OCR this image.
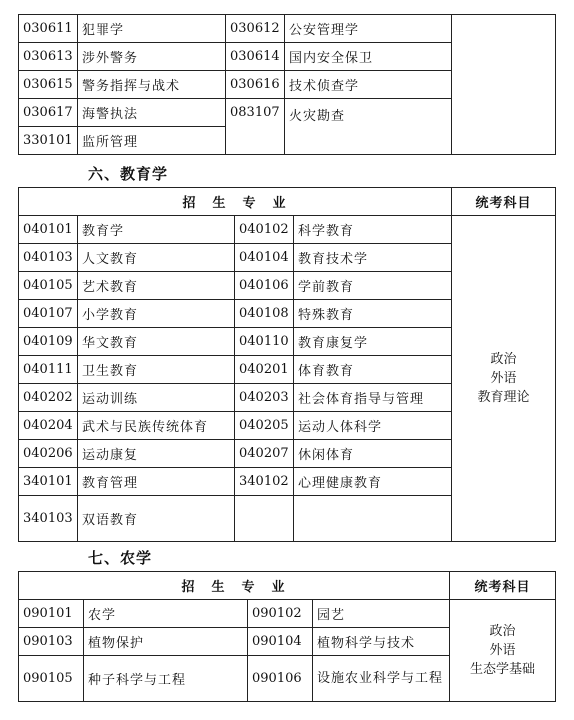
030611	犯罪学	030612	公安管理学	
030613	涉外警务	030614	国内安全保卫	
030615	警务指挥与战术	030616	技术侦查学	
030617	海警执法	083107	火灾勘查	
330101	监所管理			
六、教育学
招　生　专　业				统考科目
040101	教育学	040102	科学教育	政治
外语
教育理论

040103	人文教育	040104	教育技术学	
040105	艺术教育	040106	学前教育	
040107	小学教育	040108	特殊教育	
040109	华文教育	040110	教育康复学	
040111	卫生教育	040201	体育教育	
040202	运动训练	040203	社会体育指导与管理	
040204	武术与民族传统体育	040205	运动人体科学	
040206	运动康复	040207	休闲体育	
340101	教育管理	340102	心理健康教育	
340103	双语教育			
七、农学
招　生　专　业				统考科目
090101	农学	090102	园艺	政治
外语
生态学基础

090103	植物保护	090104	植物科学与技术	
090105	种子科学与工程	090106	设施农业科学与工程	
